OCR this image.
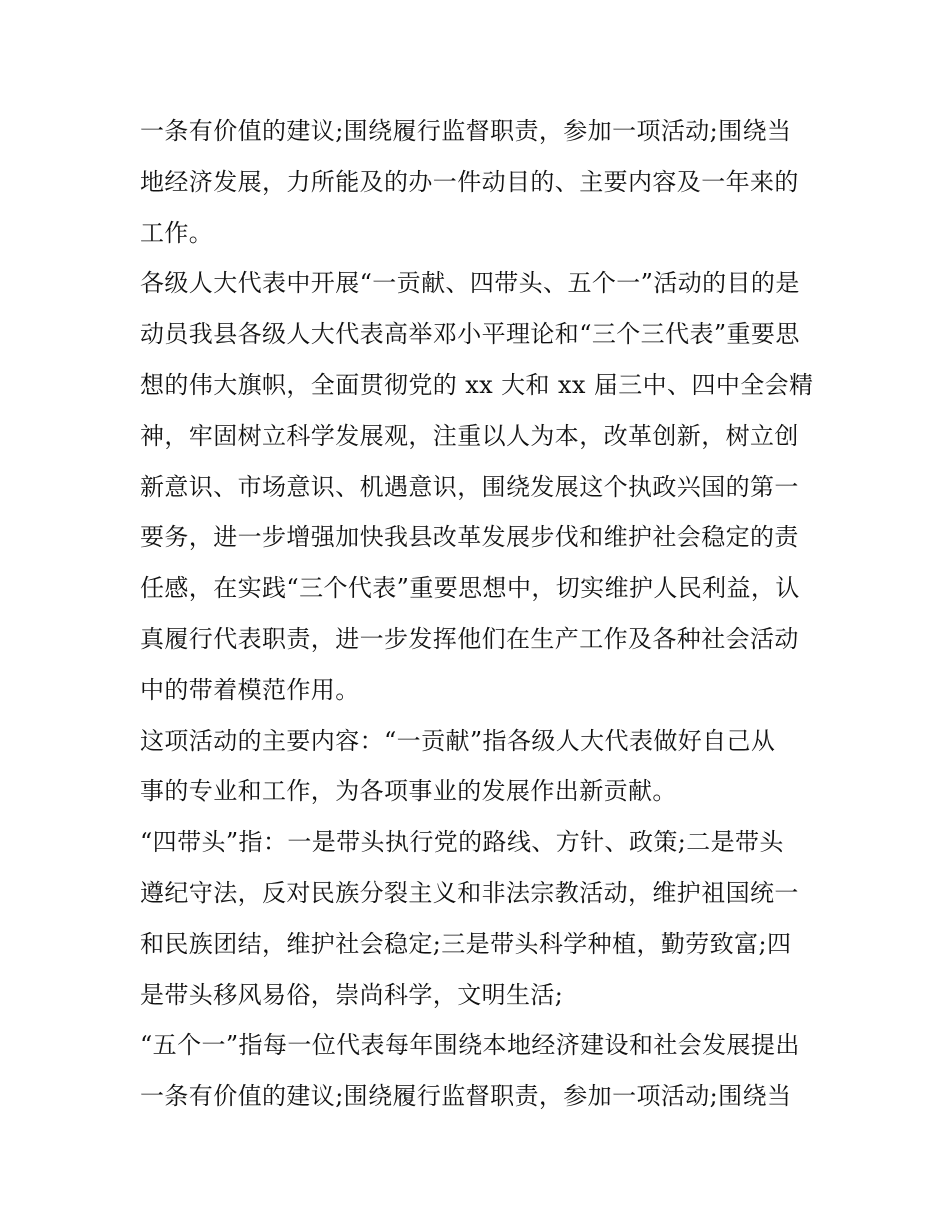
一条有价值的建议;围绕履行监督职责，参加一项活动;围绕当
地经济发展，力所能及的办一件动目的、主要内容及一年来的
工作。
各级人大代表中开展“一贡献、四带头、五个一”活动的目的是
动员我县各级人大代表高举邓小平理论和“三个三代表”重要思
想的伟大旗帜，全面贯彻党的 xx 大和 xx 届三中、四中全会精
神，牢固树立科学发展观，注重以人为本，改革创新，树立创
新意识、市场意识、机遇意识，围绕发展这个执政兴国的第一
要务，进一步增强加快我县改革发展步伐和维护社会稳定的责
任感，在实践“三个代表”重要思想中，切实维护人民利益，认
真履行代表职责，进一步发挥他们在生产工作及各种社会活动
中的带着模范作用。
这项活动的主要内容：“一贡献”指各级人大代表做好自己从
事的专业和工作，为各项事业的发展作出新贡献。
“四带头”指：一是带头执行党的路线、方针、政策;二是带头
遵纪守法，反对民族分裂主义和非法宗教活动，维护祖国统一
和民族团结，维护社会稳定;三是带头科学种植，勤劳致富;四
是带头移风易俗，崇尚科学，文明生活;
“五个一”指每一位代表每年围绕本地经济建设和社会发展提出
一条有价值的建议;围绕履行监督职责，参加一项活动;围绕当
